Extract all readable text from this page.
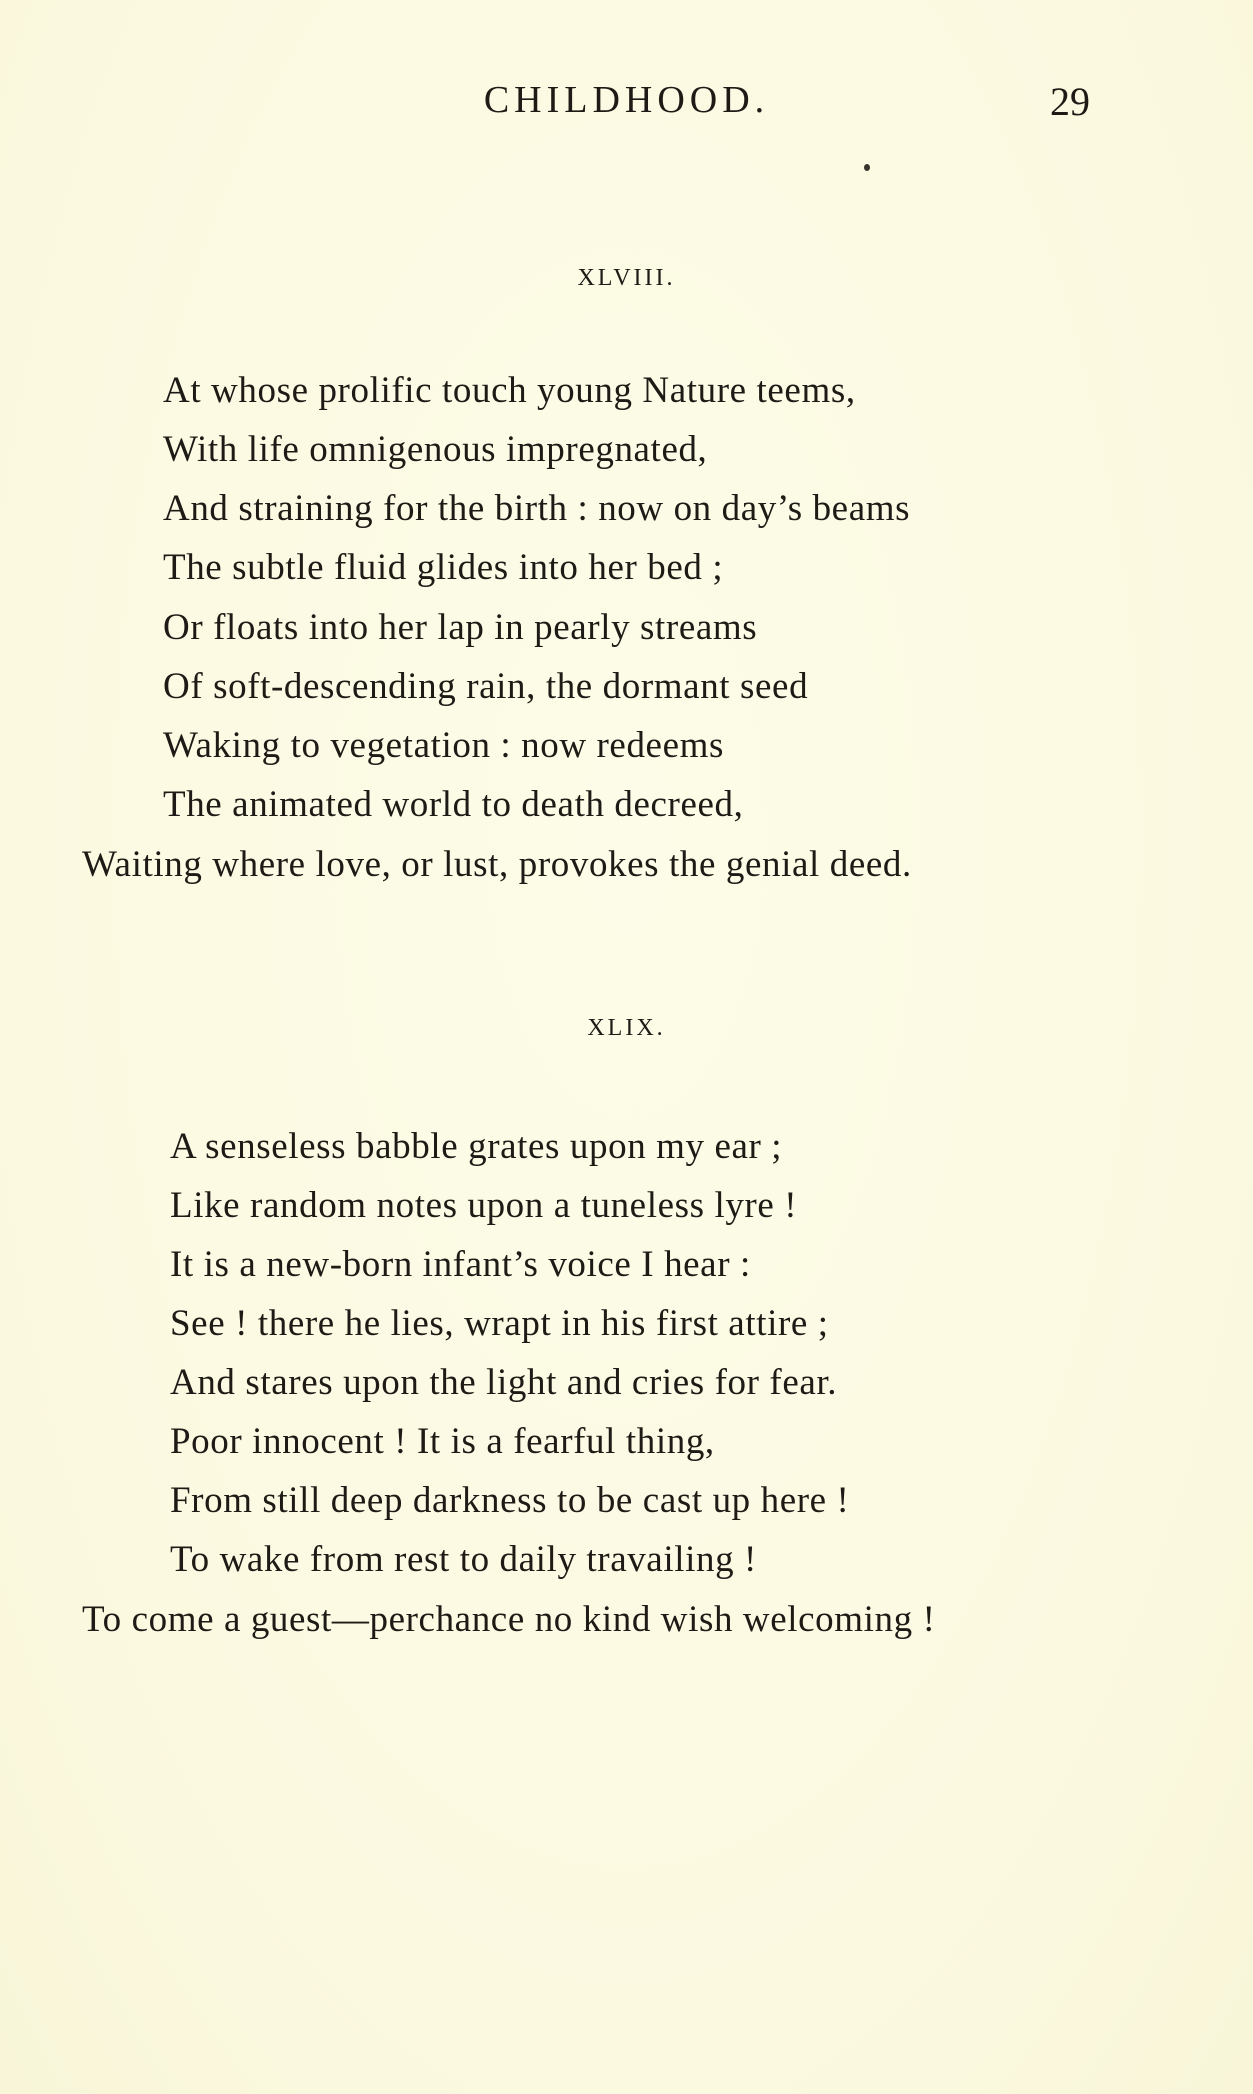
CHILDHOOD.	29
XLVIII.
At whose prolific touch young Nature teems,
With life omnigenous impregnated,
And straining for the birth : now on day’s beams
The subtle fluid glides into her bed ;
Or floats into her lap in pearly streams
Of soft-descending rain, the dormant seed
Waking to vegetation : now redeems
The animated world to death decreed,
Waiting where love, or lust, provokes the genial deed.
XLIX.
A senseless babble grates upon my ear ;
Like random notes upon a tuneless lyre !
It is a new-born infant’s voice I hear :
See ! there he lies, wrapt in his first attire ;
And stares upon the light and cries for fear.
Poor innocent ! It is a fearful thing,
From still deep darkness to be cast up here !
To wake from rest to daily travailing !
To come a guest—perchance no kind wish welcoming !
